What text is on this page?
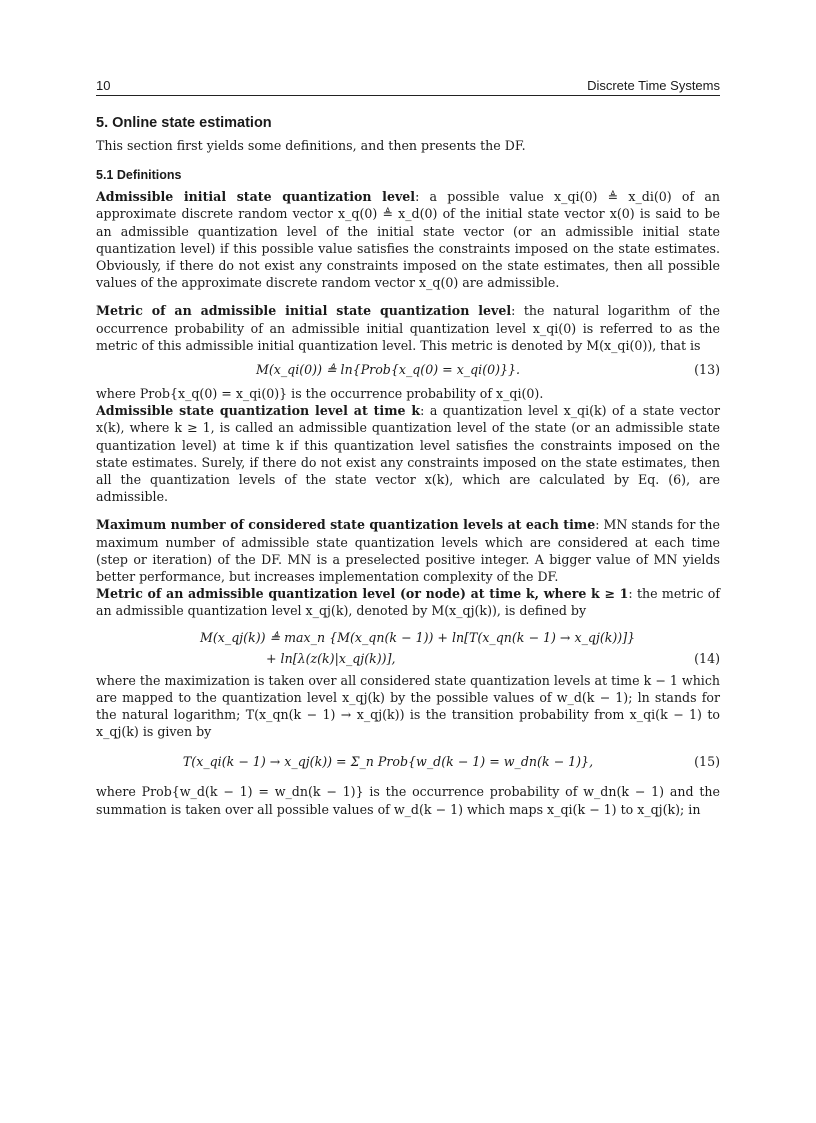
10	Discrete Time Systems
5. Online state estimation

This section first yields some definitions, and then presents the DF.

5.1 Definitions

Admissible initial state quantization level: a possible value x_qi(0) ≜ x_di(0) of an approximate discrete random vector x_q(0) ≜ x_d(0) of the initial state vector x(0) is said to be an admissible quantization level of the initial state vector (or an admissible initial state quantization level) if this possible value satisfies the constraints imposed on the state estimates. Obviously, if there do not exist any constraints imposed on the state estimates, then all possible values of the approximate discrete random vector x_q(0) are admissible.

Metric of an admissible initial state quantization level: the natural logarithm of the occurrence probability of an admissible initial quantization level x_qi(0) is referred to as the metric of this admissible initial quantization level. This metric is denoted by M(x_qi(0)), that is

M(x_qi(0)) ≜ ln{Prob{x_q(0) = x_qi(0)}}.	(13)

where Prob{x_q(0) = x_qi(0)} is the occurrence probability of x_qi(0).

Admissible state quantization level at time k: a quantization level x_qi(k) of a state vector x(k), where k ≥ 1, is called an admissible quantization level of the state (or an admissible state quantization level) at time k if this quantization level satisfies the constraints imposed on the state estimates. Surely, if there do not exist any constraints imposed on the state estimates, then all the quantization levels of the state vector x(k), which are calculated by Eq. (6), are admissible.

Maximum number of considered state quantization levels at each time: MN stands for the maximum number of admissible state quantization levels which are considered at each time (step or iteration) of the DF. MN is a preselected positive integer. A bigger value of MN yields better performance, but increases implementation complexity of the DF.

Metric of an admissible quantization level (or node) at time k, where k ≥ 1: the metric of an admissible quantization level x_qj(k), denoted by M(x_qj(k)), is defined by

M(x_qj(k)) ≜ max_n {M(x_qn(k − 1)) + ln[T(x_qn(k − 1) → x_qj(k))]}
+ ln[λ(z(k)|x_qj(k))],	(14)

where the maximization is taken over all considered state quantization levels at time k − 1 which are mapped to the quantization level x_qj(k) by the possible values of w_d(k − 1); ln stands for the natural logarithm; T(x_qn(k − 1) → x_qj(k)) is the transition probability from x_qi(k − 1) to x_qj(k) is given by

T(x_qi(k − 1) → x_qj(k)) = Σ_n Prob{w_d(k − 1) = w_dn(k − 1)},	(15)

where Prob{w_d(k − 1) = w_dn(k − 1)} is the occurrence probability of w_dn(k − 1) and the summation is taken over all possible values of w_d(k − 1) which maps x_qi(k − 1) to x_qj(k); in
